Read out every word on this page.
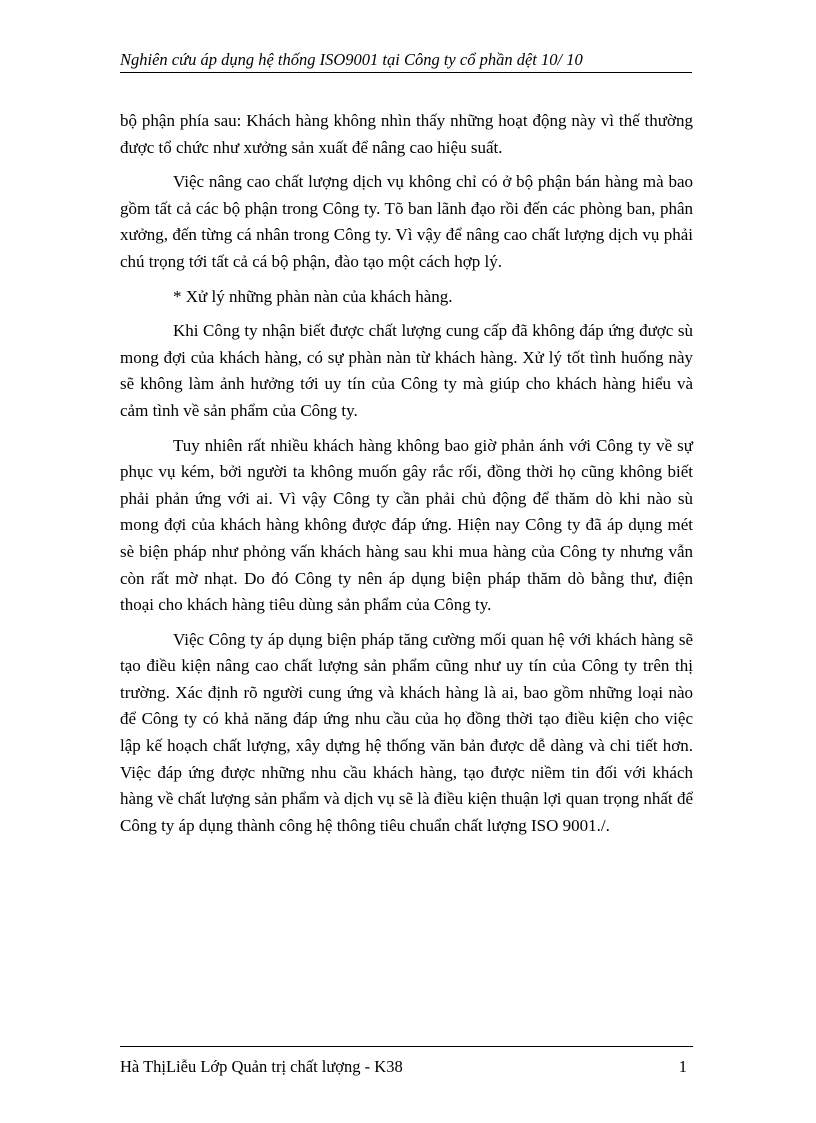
Nghiên cứu áp dụng hệ thống ISO9001 tại Công ty cổ phần dệt 10/ 10

bộ phận phía sau: Khách hàng không nhìn thấy những hoạt động này vì thế thường được tổ chức như xưởng sản xuất để nâng cao hiệu suất.

Việc nâng cao chất lượng dịch vụ không chỉ có ở bộ phận bán hàng mà bao gồm tất cả các bộ phận trong Công ty. Tõ ban lãnh đạo rồi đến các phòng ban, phân xưởng, đến từng cá nhân trong Công ty. Vì vậy để nâng cao chất lượng dịch vụ phải chú trọng tới tất cả cá bộ phận, đào tạo một cách hợp lý.

* Xử lý những phàn nàn của khách hàng.

Khi Công ty nhận biết được chất lượng cung cấp đã không đáp ứng được sù mong đợi của khách hàng, có sự phàn nàn từ khách hàng. Xử lý tốt tình huống này sẽ không làm ảnh hưởng tới uy tín của Công ty mà giúp cho khách hàng hiểu và cảm tình về sản phẩm của Công ty.

Tuy nhiên rất nhiều khách hàng không bao giờ phản ánh với Công ty về sự phục vụ kém, bởi người ta không muốn gây rắc rối, đồng thời họ cũng không biết phải phản ứng với ai. Vì vậy Công ty cần phải chủ động để thăm dò khi nào sù mong đợi của khách hàng không được đáp ứng. Hiện nay Công ty đã áp dụng mét sè biện pháp như phỏng vấn khách hàng sau khi mua hàng của Công ty nhưng vẫn còn rất mờ nhạt. Do đó Công ty nên áp dụng biện pháp thăm dò bằng thư, điện thoại cho khách hàng tiêu dùng sản phẩm của Công ty.

Việc Công ty áp dụng biện pháp tăng cường mối quan hệ với khách hàng sẽ tạo điều kiện nâng cao chất lượng sản phẩm cũng như uy tín của Công ty trên thị trường. Xác định rõ người cung ứng và khách hàng là ai, bao gồm những loại nào để Công ty có khả năng đáp ứng nhu cầu của họ đồng thời tạo điều kiện cho việc lập kế hoạch chất lượng, xây dựng hệ thống văn bản được dễ dàng và chi tiết hơn. Việc đáp ứng được những nhu cầu khách hàng, tạo được niềm tin đối với khách hàng về chất lượng sản phẩm và dịch vụ sẽ là điều kiện thuận lợi quan trọng nhất để Công ty áp dụng thành công hệ thông tiêu chuẩn chất lượng ISO 9001./.

Hà ThịLiễu Lớp Quản trị chất lượng - K38	1
